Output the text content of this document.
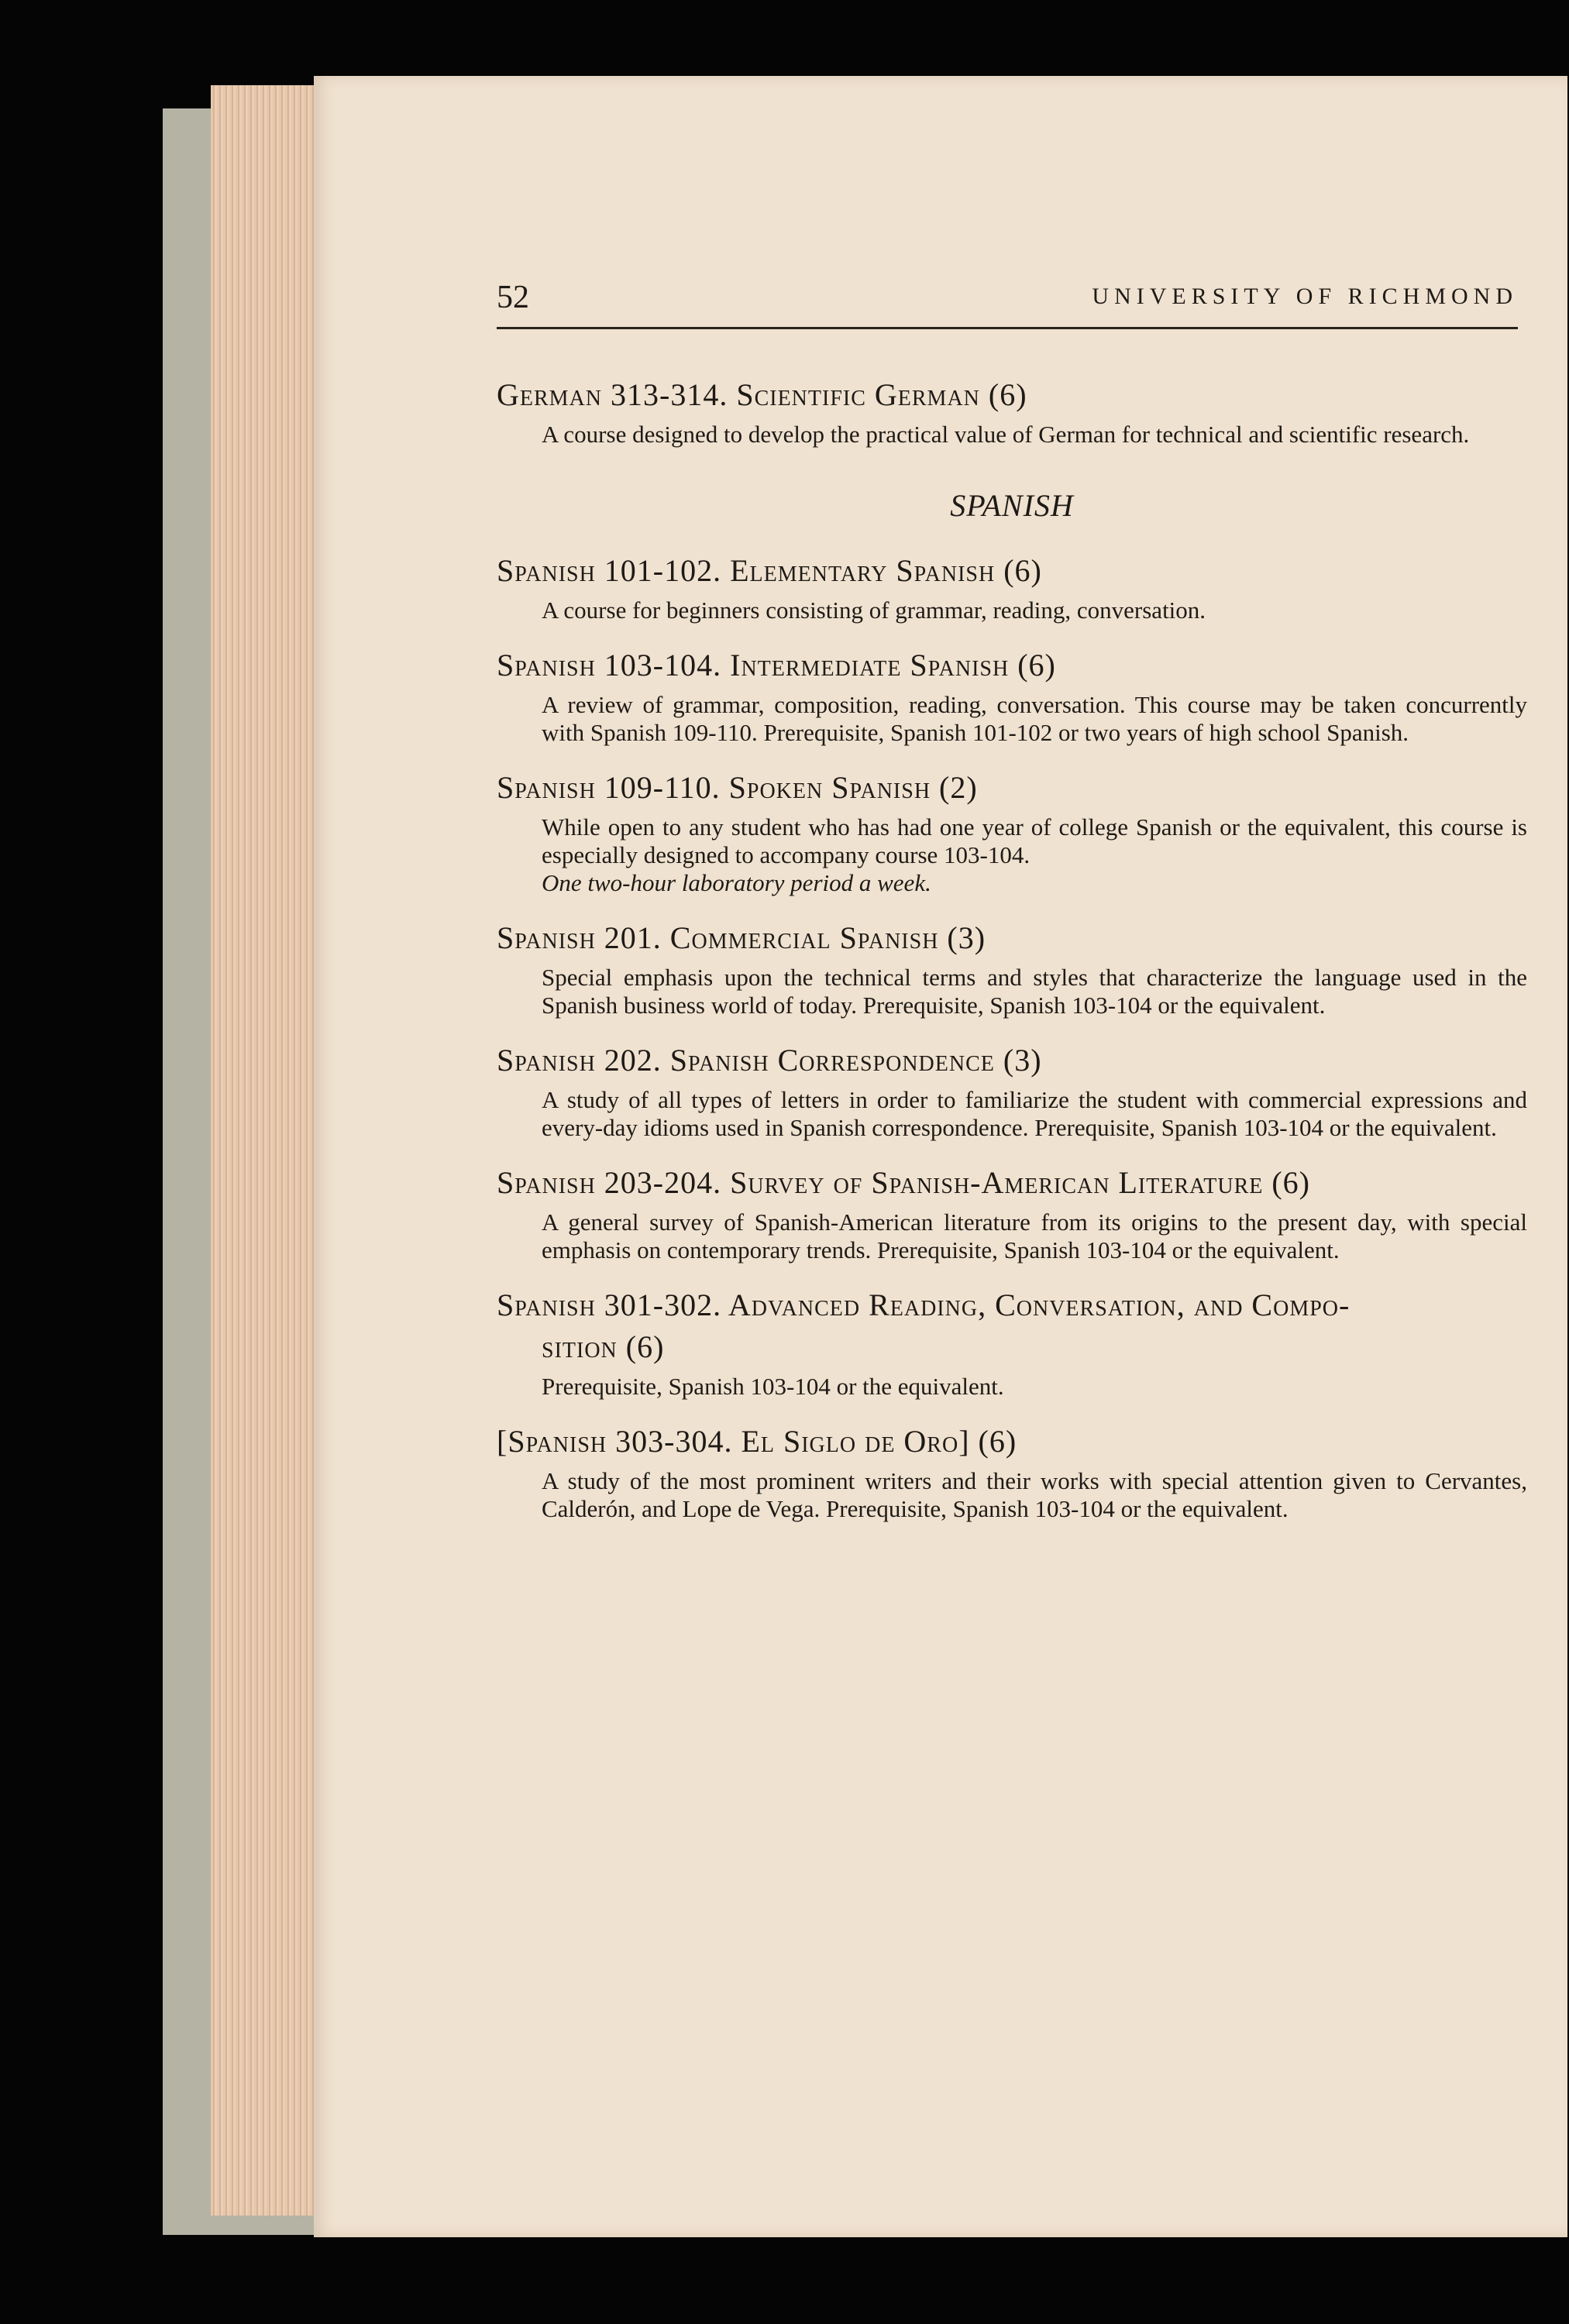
52	UNIVERSITY OF RICHMOND
German 313-314. Scientific German (6)
A course designed to develop the practical value of German for technical and scientific research.
SPANISH
Spanish 101-102. Elementary Spanish (6)
A course for beginners consisting of grammar, reading, conversation.
Spanish 103-104. Intermediate Spanish (6)
A review of grammar, composition, reading, conversation. This course may be taken concurrently with Spanish 109-110. Prerequisite, Spanish 101-102 or two years of high school Spanish.
Spanish 109-110. Spoken Spanish (2)
While open to any student who has had one year of college Spanish or the equivalent, this course is especially designed to accompany course 103-104.
One two-hour laboratory period a week.
Spanish 201. Commercial Spanish (3)
Special emphasis upon the technical terms and styles that characterize the language used in the Spanish business world of today. Prerequisite, Spanish 103-104 or the equivalent.
Spanish 202. Spanish Correspondence (3)
A study of all types of letters in order to familiarize the student with commercial expressions and every-day idioms used in Spanish correspondence. Prerequisite, Spanish 103-104 or the equivalent.
Spanish 203-204. Survey of Spanish-American Literature (6)
A general survey of Spanish-American literature from its origins to the present day, with special emphasis on contemporary trends. Prerequisite, Spanish 103-104 or the equivalent.
Spanish 301-302. Advanced Reading, Conversation, and Compo-
sition (6)
Prerequisite, Spanish 103-104 or the equivalent.
[Spanish 303-304. El Siglo de Oro] (6)
A study of the most prominent writers and their works with special attention given to Cervantes, Calderón, and Lope de Vega. Prerequisite, Spanish 103-104 or the equivalent.
